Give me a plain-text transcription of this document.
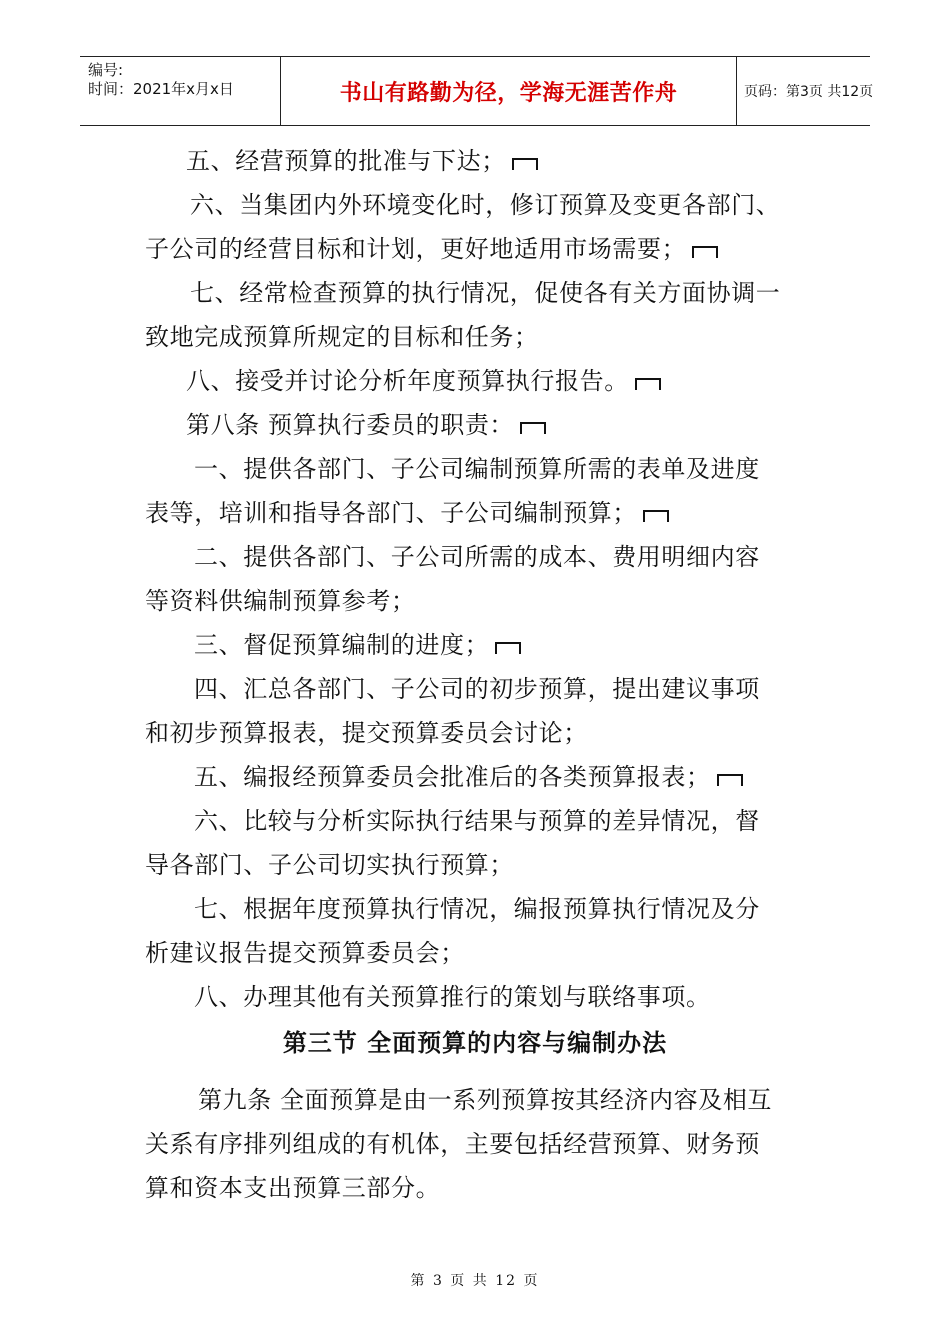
编号:
时间：2021年x月x日	书山有路勤为径，学海无涯苦作舟	页码：第3页 共12页
五、经营预算的批准与下达；
六、当集团内外环境变化时，修订预算及变更各部门、
子公司的经营目标和计划，更好地适用市场需要；
七、经常检查预算的执行情况，促使各有关方面协调一
致地完成预算所规定的目标和任务；
八、接受并讨论分析年度预算执行报告。
第八条 预算执行委员的职责：
一、提供各部门、子公司编制预算所需的表单及进度
表等，培训和指导各部门、子公司编制预算；
二、提供各部门、子公司所需的成本、费用明细内容
等资料供编制预算参考；
三、督促预算编制的进度；
四、汇总各部门、子公司的初步预算，提出建议事项
和初步预算报表，提交预算委员会讨论；
五、编报经预算委员会批准后的各类预算报表；
六、比较与分析实际执行结果与预算的差异情况，督
导各部门、子公司切实执行预算；
七、根据年度预算执行情况，编报预算执行情况及分
析建议报告提交预算委员会；
八、办理其他有关预算推行的策划与联络事项。
第三节 全面预算的内容与编制办法
第九条 全面预算是由一系列预算按其经济内容及相互
关系有序排列组成的有机体，主要包括经营预算、财务预
算和资本支出预算三部分。
第 3 页 共 12 页
